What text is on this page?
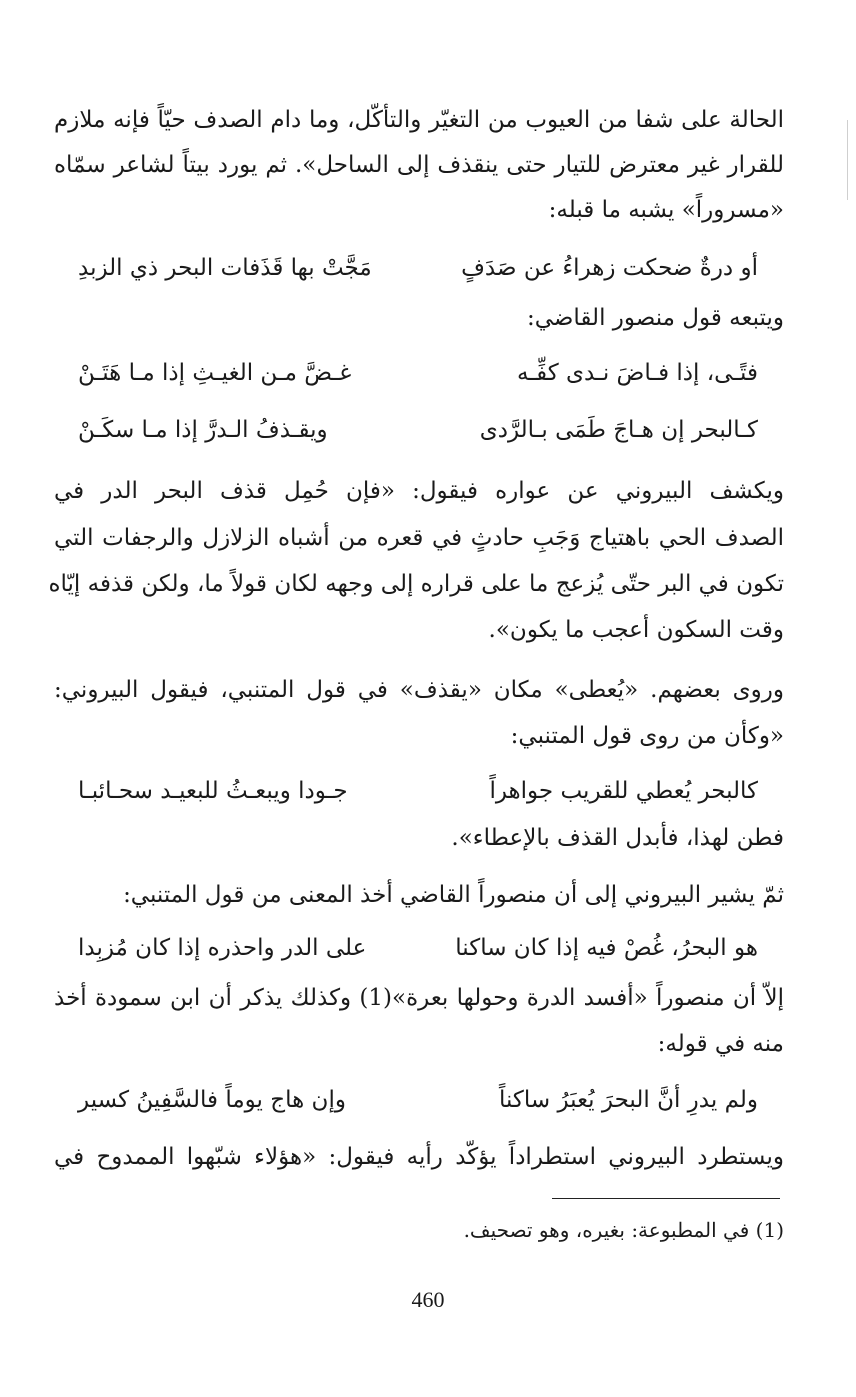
الحالة على شفا من العيوب من التغيّر والتأكّل، وما دام الصدف حيّاً فإنه ملازم
للقرار غير معترض للتيار حتى ينقذف إلى الساحل». ثم يورد بيتاً لشاعر سمّاه
«مسروراً» يشبه ما قبله:
أو درةٌ ضحكت زهراءُ عن صَدَفٍ
مَجَّتْ بها قَذَفات البحر ذي الزبدِ
ويتبعه قول منصور القاضي:
فتًـى، إذا فـاضَ نـدى كفِّـه
غـضَّ مـن الغيـثِ إذا مـا هَتَـنْ
كـالبحر إن هـاجَ طَمَى بـالرَّدى
ويقـذفُ الـدرَّ إذا مـا سكَـنْ
ويكشف البيروني عن عواره فيقول: «فإن حُمِل قذف البحر الدر في
الصدف الحي باهتياج وَجَبِ حادثٍ في قعره من أشباه الزلازل والرجفات التي
تكون في البر حتّى يُزعج ما على قراره إلى وجهه لكان قولاً ما، ولكن قذفه إيّاه
وقت السكون أعجب ما يكون».
وروى بعضهم. «يُعطى» مكان «يقذف» في قول المتنبي، فيقول البيروني:
«وكأن من روى قول المتنبي:
كالبحر يُعطي للقريب جواهراً
جـودا ويبعـثُ للبعيـد سحـائبـا
فطن لهذا، فأبدل القذف بالإعطاء».
ثمّ يشير البيروني إلى أن منصوراً القاضي أخذ المعنى من قول المتنبي:
هو البحرُ، غُصْ فيه إذا كان ساكنا
على الدر واحذره إذا كان مُزبِدا
إلاّ أن منصوراً «أفسد الدرة وحولها بعرة»(1) وكذلك يذكر أن ابن سمودة أخذ
منه في قوله:
ولم يدرِ أنَّ البحرَ يُعبَرُ ساكناً
وإن هاج يوماً فالسَّفِينُ كسير
ويستطرد البيروني استطراداً يؤكّد رأيه فيقول: «هؤلاء شبّهوا الممدوح في
(1) في المطبوعة: بغيره، وهو تصحيف.
460
